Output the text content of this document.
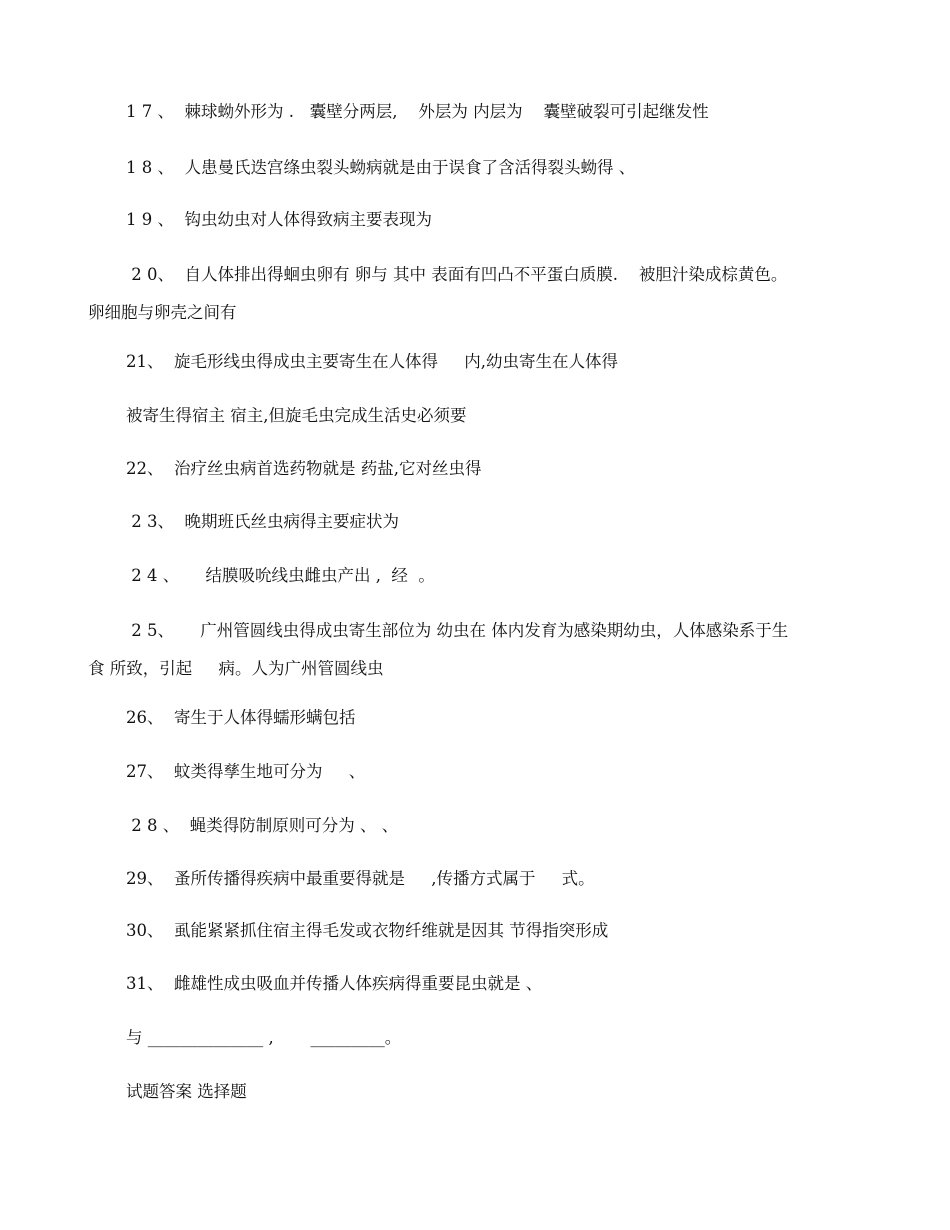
1 7 、  棘球蚴外形为 .   囊壁分两层,    外层为 内层为    囊壁破裂可引起继发性
1 8 、  人患曼氏迭宫绦虫裂头蚴病就是由于误食了含活得裂头蚴得 、
1 9 、  钩虫幼虫对人体得致病主要表现为
2 0、  自人体排出得蛔虫卵有 卵与 其中 表面有凹凸不平蛋白质膜.    被胆汁染成棕黄色。
卵细胞与卵壳之间有
21、  旋毛形线虫得成虫主要寄生在人体得     内,幼虫寄生在人体得
被寄生得宿主 宿主,但旋毛虫完成生活史必须要
22、  治疗丝虫病首选药物就是 药盐,它对丝虫得
2 3、  晚期班氏丝虫病得主要症状为
2 4 、     结膜吸吮线虫雌虫产出 ,  经  。
2 5、     广州管圆线虫得成虫寄生部位为 幼虫在 体内发育为感染期幼虫，人体感染系于生
食 所致，引起     病。人为广州管圆线虫
26、  寄生于人体得蠕形螨包括
27、  蚊类得孳生地可分为     、
2 8 、  蝇类得防制原则可分为 、 、
29、  蚤所传播得疾病中最重要得就是     ,传播方式属于     式。
30、  虱能紧紧抓住宿主得毛发或衣物纤维就是因其 节得指突形成
31、  雌雄性成虫吸血并传播人体疾病得重要昆虫就是 、
与 ______________ ,       _________。
试题答案 选择题
